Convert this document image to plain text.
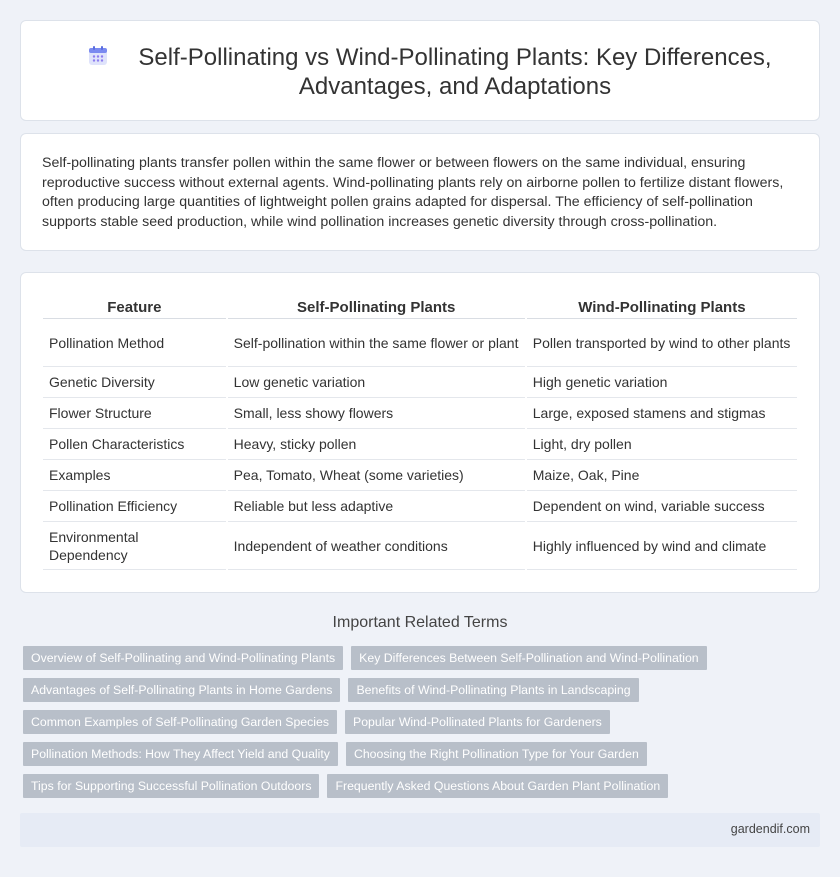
Self-Pollinating vs Wind-Pollinating Plants: Key Differences, Advantages, and Adaptations

Self-pollinating plants transfer pollen within the same flower or between flowers on the same individual, ensuring reproductive success without external agents. Wind-pollinating plants rely on airborne pollen to fertilize distant flowers, often producing large quantities of lightweight pollen grains adapted for dispersal. The efficiency of self-pollination supports stable seed production, while wind pollination increases genetic diversity through cross-pollination.

Feature	Self-Pollinating Plants	Wind-Pollinating Plants
Pollination Method	Self-pollination within the same flower or plant	Pollen transported by wind to other plants
Genetic Diversity	Low genetic variation	High genetic variation
Flower Structure	Small, less showy flowers	Large, exposed stamens and stigmas
Pollen Characteristics	Heavy, sticky pollen	Light, dry pollen
Examples	Pea, Tomato, Wheat (some varieties)	Maize, Oak, Pine
Pollination Efficiency	Reliable but less adaptive	Dependent on wind, variable success
Environmental Dependency	Independent of weather conditions	Highly influenced by wind and climate
Important Related Terms
Overview of Self-Pollinating and Wind-Pollinating Plants	Key Differences Between Self-Pollination and Wind-Pollination
Advantages of Self-Pollinating Plants in Home Gardens	Benefits of Wind-Pollinating Plants in Landscaping
Common Examples of Self-Pollinating Garden Species	Popular Wind-Pollinated Plants for Gardeners
Pollination Methods: How They Affect Yield and Quality	Choosing the Right Pollination Type for Your Garden
Tips for Supporting Successful Pollination Outdoors	Frequently Asked Questions About Garden Plant Pollination
gardendif.com
